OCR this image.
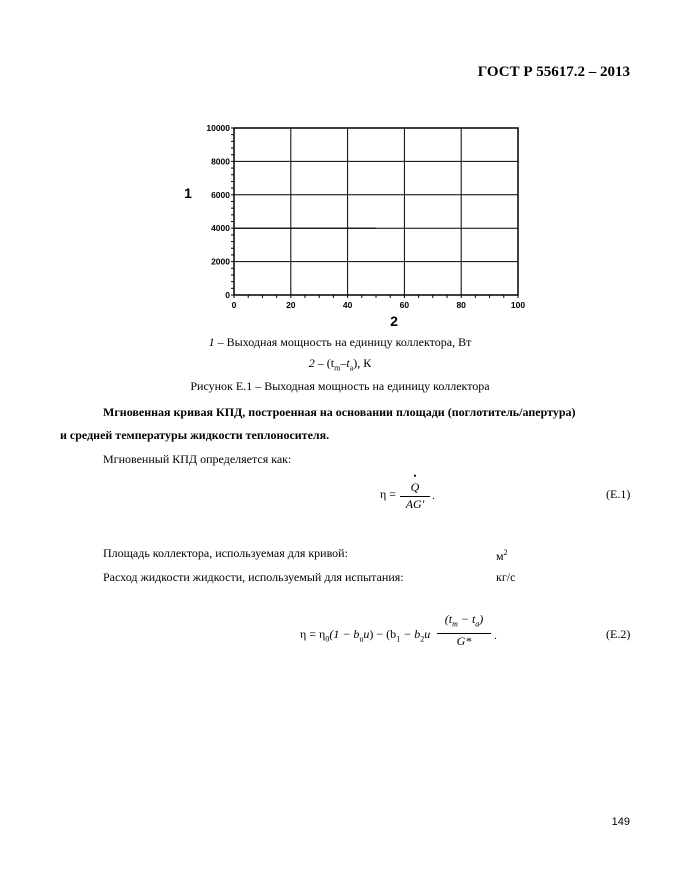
ГОСТ Р 55617.2 – 2013
0
2000
4000
6000
8000
10000
0	20	40	60	80	100
1
2
1 – Выходная мощность на единицу коллектора, Вт
$2 - (t_m-t_a)$, К
Рисунок Е.1 – Выходная мощность на единицу коллектора
Мгновенная кривая КПД, построенная на основании площади (поглотитель/апертура)
и средней температуры жидкости теплоносителя.
Мгновенный КПД определяется как:
η =
•
Q
AG′
.	(Е.1)
Площадь коллектора, используемая для кривой:	$м^2$
Расход жидкости жидкости, используемый для испытания:	кг/с
$\eta = \eta_0(1 - b_uu) - (b_1 - b_2u$
$(t_m - t_a)$
G*	.	(Е.2)
149
